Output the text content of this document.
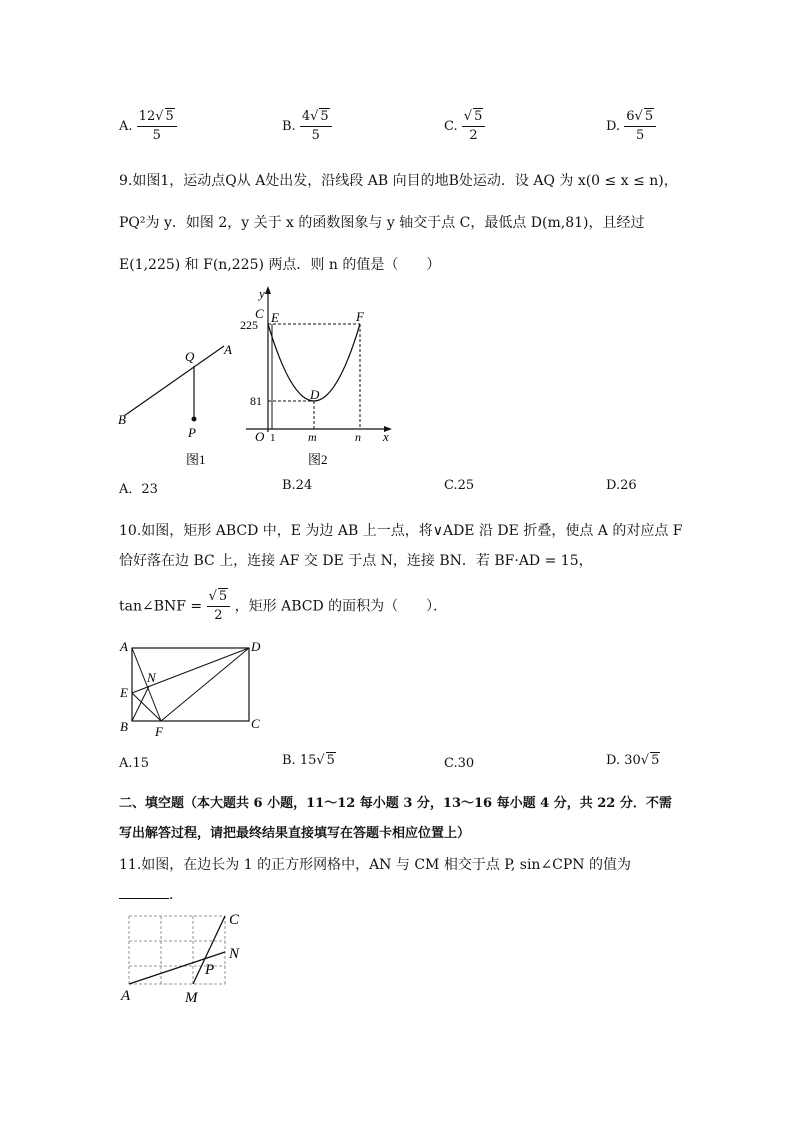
A. $\frac{12√ 5}{5}$	B. $\frac{4√ 5}{5}$	C. $\frac{√ 5}{2}$	D. $\frac{6√ 5}{5}$
9.如图1，运动点Q从 A处出发，沿线段 AB 向目的地B处运动．设 AQ 为 x(0 ≤ x ≤ n)，
PQ²为 y．如图 2，y 关于 x 的函数图象与 y 轴交于点 C，最低点 D(m,81)，且经过
E(1,225) 和 F(n,225) 两点．则 n 的值是（　　）
A
B
Q
P
图1
y
C
225 E	F
D
81
O 1	m	n x
图2
A．23	B.24	C.25	D.26
10.如图，矩形 ABCD 中，E 为边 AB 上一点，将∨ADE 沿 DE 折叠，使点 A 的对应点 F
恰好落在边 BC 上，连接 AF 交 DE 于点 N，连接 BN．若 BF·AD = 15，
tan∠BNF = $\frac{√ 5}{2}$ ，矩形 ABCD 的面积为（　　）．
A	D
E
N
B F
C
A.15	B. 15√ 5	C.30	D. 30√ 5
二、填空题（本大题共 6 小题，11～12 每小题 3 分，13～16 每小题 4 分，共 22 分．不需
写出解答过程，请把最终结果直接填写在答题卡相应位置上）
11.如图，在边长为 1 的正方形网格中，AN 与 CM 相交于点 P, sin∠CPN 的值为
．
A	M
C
N
P
